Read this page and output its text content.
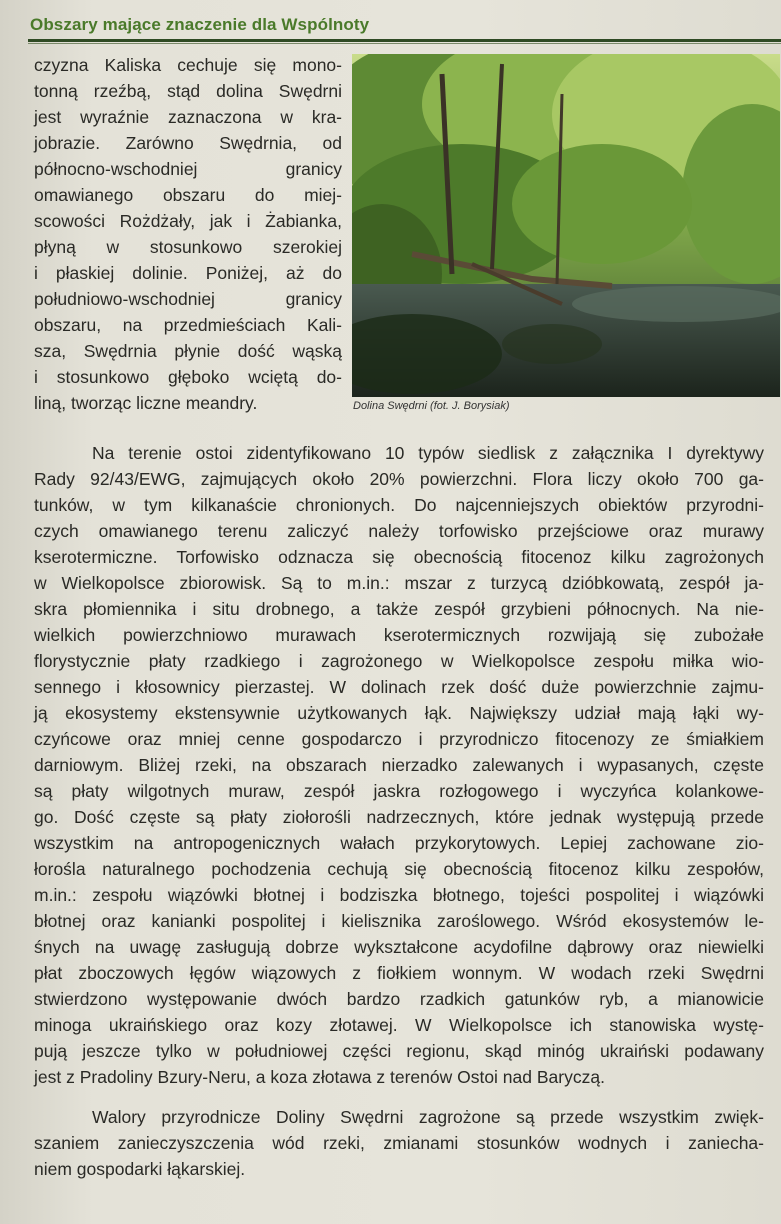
Obszary mające znaczenie dla Wspólnoty
czyzna Kaliska cechuje się mono-
tonną rzeźbą, stąd dolina Swędrni
jest wyraźnie zaznaczona w kra-
jobrazie. Zarówno Swędrnia, od
północno-wschodniej granicy
omawianego obszaru do miej-
scowości Rożdżały, jak i Żabianka,
płyną w stosunkowo szerokiej
i płaskiej dolinie. Poniżej, aż do
południowo-wschodniej granicy
obszaru, na przedmieściach Kali-
sza, Swędrnia płynie dość wąską
i stosunkowo głęboko wciętą do-
liną, tworząc liczne meandry.	Dolina Swędrni (fot. J. Borysiak)
Na terenie ostoi zidentyfikowano 10 typów siedlisk z załącznika I dyrektywy
Rady 92/43/EWG, zajmujących około 20% powierzchni. Flora liczy około 700 ga-
tunków, w tym kilkanaście chronionych. Do najcenniejszych obiektów przyrodni-
czych omawianego terenu zaliczyć należy torfowisko przejściowe oraz murawy
kserotermiczne. Torfowisko odznacza się obecnością fitocenoz kilku zagrożonych
w Wielkopolsce zbiorowisk. Są to m.in.: mszar z turzycą dzióbkowatą, zespół ja-
skra płomiennika i situ drobnego, a także zespół grzybieni północnych. Na nie-
wielkich powierzchniowo murawach kserotermicznych rozwijają się zubożałe
florystycznie płaty rzadkiego i zagrożonego w Wielkopolsce zespołu miłka wio-
sennego i kłosownicy pierzastej. W dolinach rzek dość duże powierzchnie zajmu-
ją ekosystemy ekstensywnie użytkowanych łąk. Największy udział mają łąki wy-
czyńcowe oraz mniej cenne gospodarczo i przyrodniczo fitocenozy ze śmiałkiem
darniowym. Bliżej rzeki, na obszarach nierzadko zalewanych i wypasanych, częste
są płaty wilgotnych muraw, zespół jaskra rozłogowego i wyczyńca kolankowe-
go. Dość częste są płaty ziołorośli nadrzecznych, które jednak występują przede
wszystkim na antropogenicznych wałach przykorytowych. Lepiej zachowane zio-
łorośla naturalnego pochodzenia cechują się obecnością fitocenoz kilku zespołów,
m.in.: zespołu wiązówki błotnej i bodziszka błotnego, tojeści pospolitej i wiązówki
błotnej oraz kanianki pospolitej i kielisznika zaroślowego. Wśród ekosystemów le-
śnych na uwagę zasługują dobrze wykształcone acydofilne dąbrowy oraz niewielki
płat zboczowych łęgów wiązowych z fiołkiem wonnym. W wodach rzeki Swędrni
stwierdzono występowanie dwóch bardzo rzadkich gatunków ryb, a mianowicie
minoga ukraińskiego oraz kozy złotawej. W Wielkopolsce ich stanowiska wystę-
pują jeszcze tylko w południowej części regionu, skąd minóg ukraiński podawany
jest z Pradoliny Bzury-Neru, a koza złotawa z terenów Ostoi nad Baryczą.
Walory przyrodnicze Doliny Swędrni zagrożone są przede wszystkim zwięk-
szaniem zanieczyszczenia wód rzeki, zmianami stosunków wodnych i zaniecha-
niem gospodarki łąkarskiej.
